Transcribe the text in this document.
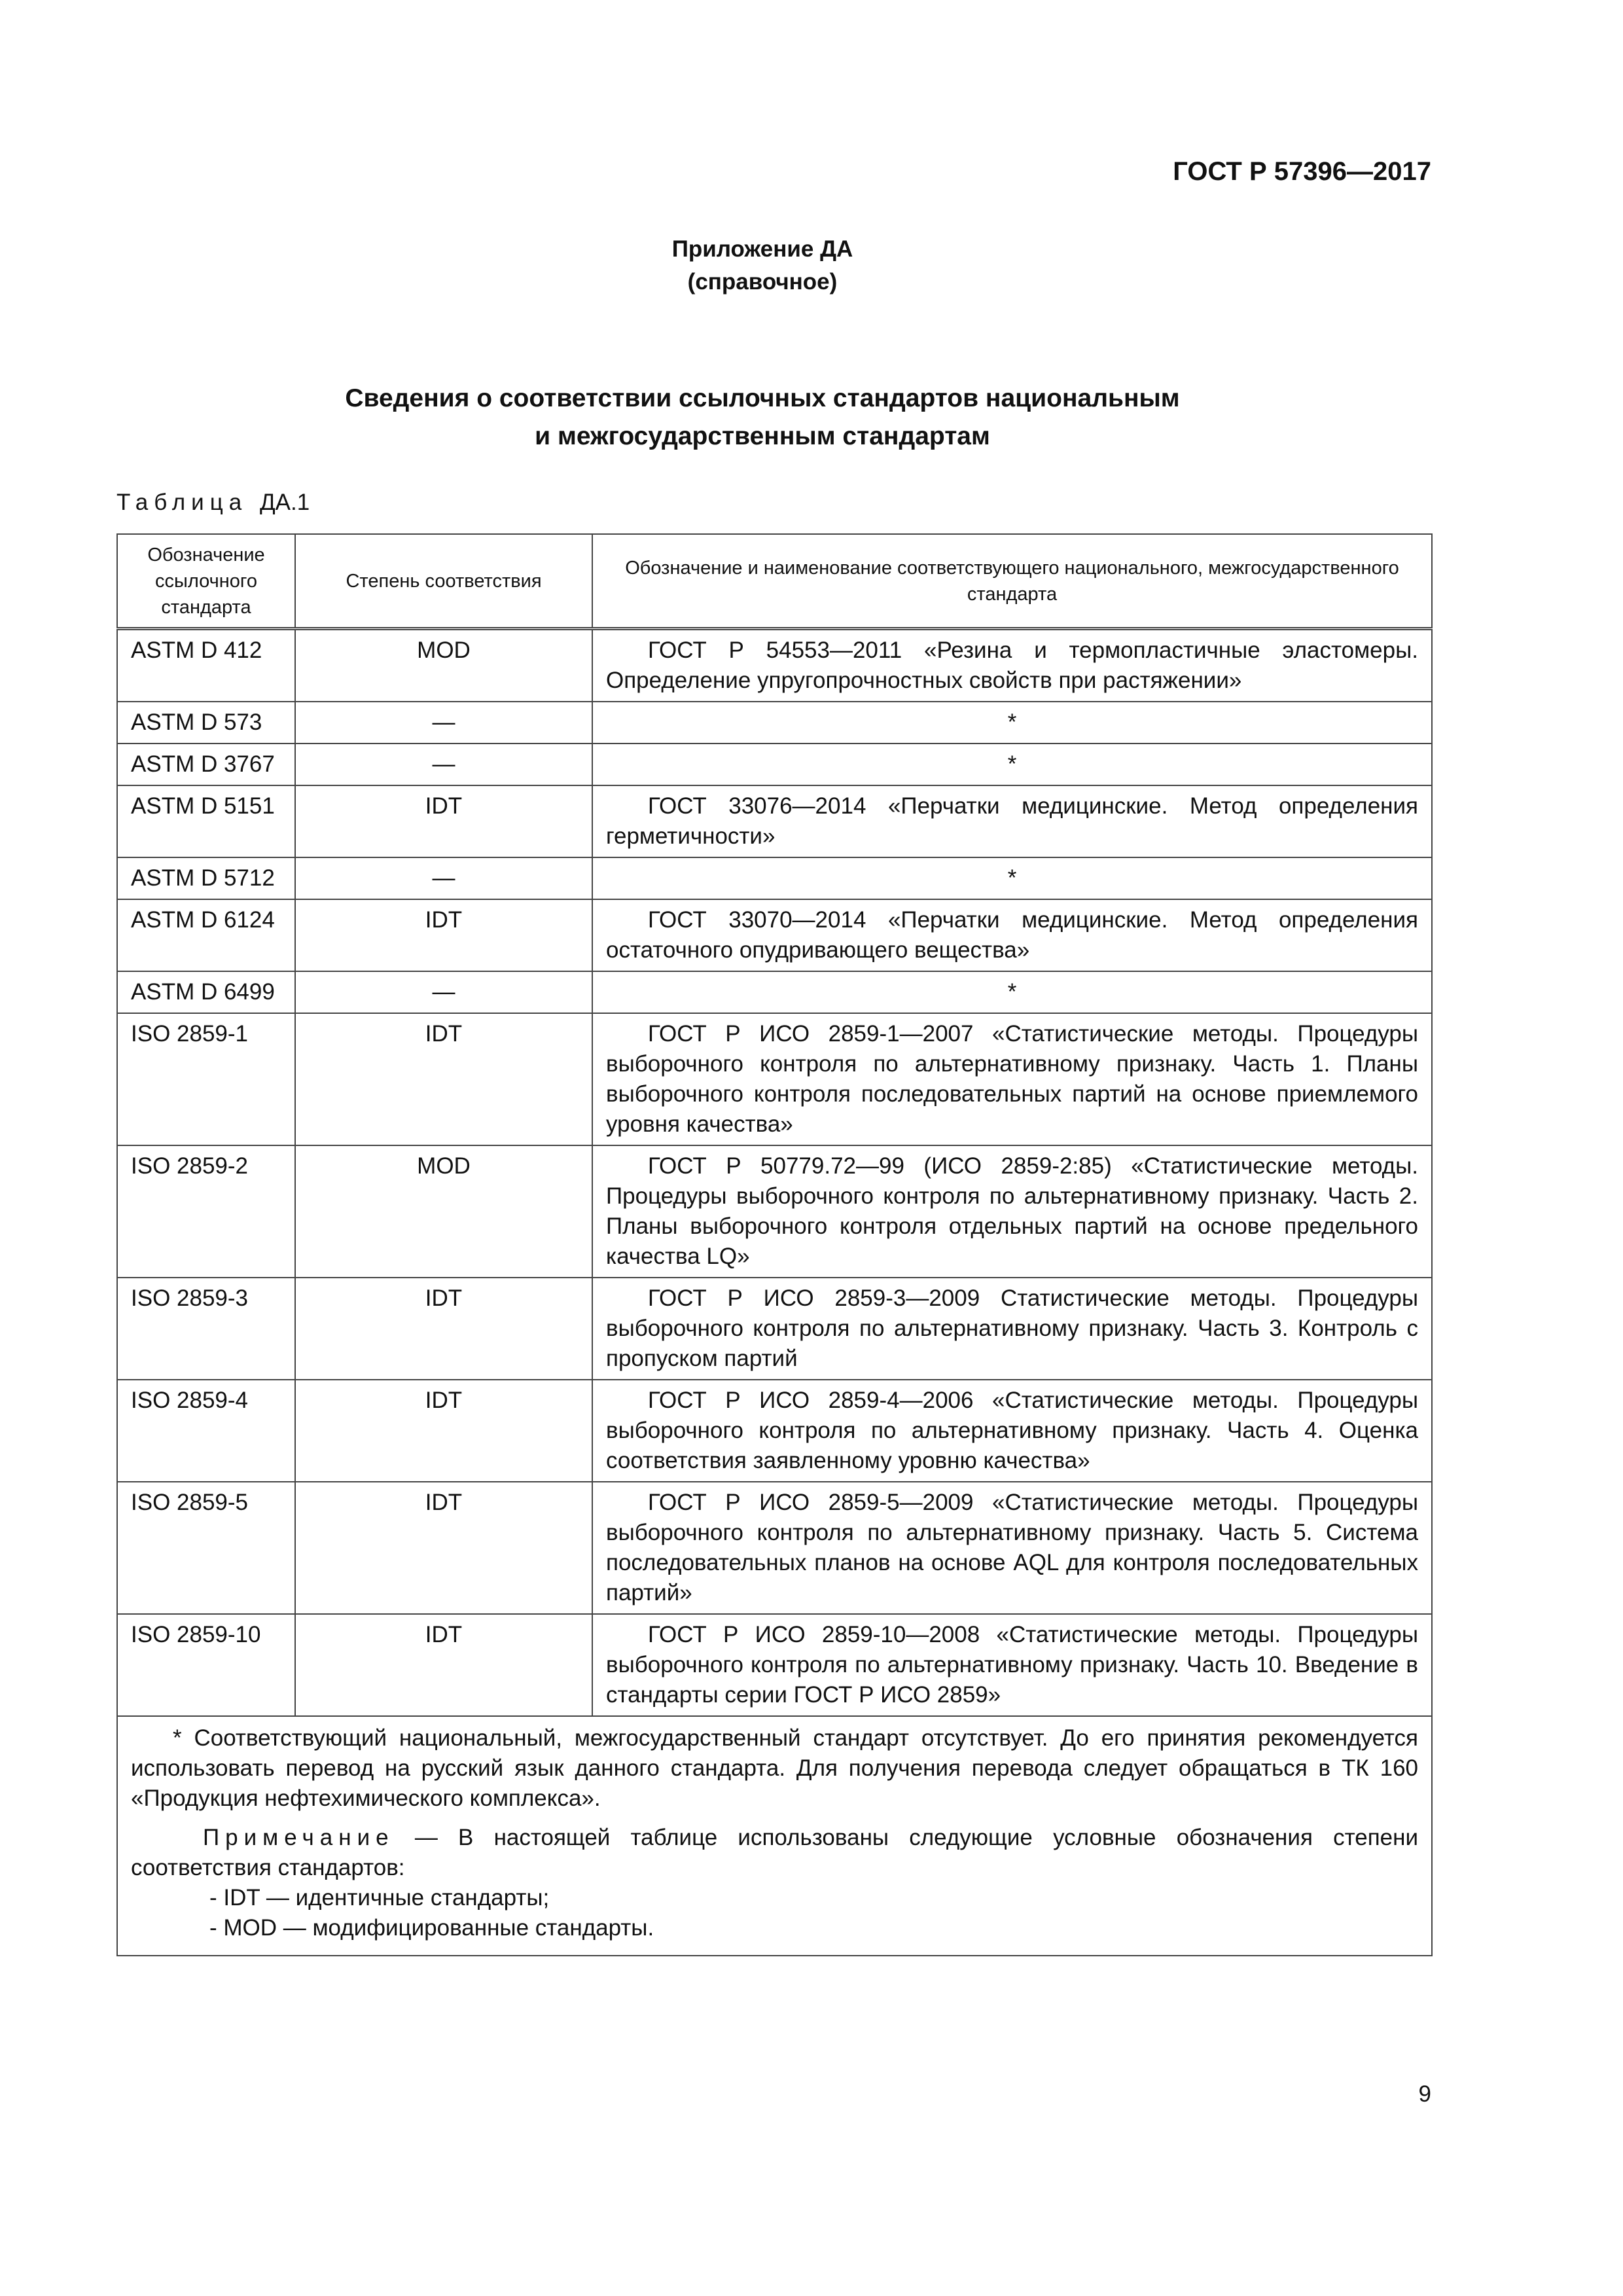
ГОСТ Р 57396—2017
Приложение ДА
(справочное)
Сведения о соответствии ссылочных стандартов национальным
и межгосударственным стандартам
Таблица ДА.1
Обозначение ссылочного стандарта	Степень соответствия	Обозначение и наименование соответствующего национального, межгосударственного стандарта
ASTM D 412	MOD	ГОСТ Р 54553—2011 «Резина и термопластичные эластомеры. Определение упругопрочностных свойств при растяжении»

ASTM D 573	—	*

ASTM D 3767	—	*

ASTM D 5151	IDT	ГОСТ 33076—2014 «Перчатки медицинские. Метод определения герметичности»

ASTM D 5712	—	*

ASTM D 6124	IDT	ГОСТ 33070—2014 «Перчатки медицинские. Метод определения остаточного опудривающего вещества»

ASTM D 6499	—	*

ISO 2859-1	IDT	ГОСТ Р ИСО 2859-1—2007 «Статистические методы. Процедуры выборочного контроля по альтернативному признаку. Часть 1. Планы выборочного контроля последовательных партий на основе приемлемого уровня качества»

ISO 2859-2	MOD	ГОСТ Р 50779.72—99 (ИСО 2859-2:85) «Статистические методы. Процедуры выборочного контроля по альтернативному признаку. Часть 2. Планы выборочного контроля отдельных партий на основе предельного качества LQ»

ISO 2859-3	IDT	ГОСТ Р ИСО 2859-3—2009 Статистические методы. Процедуры выборочного контроля по альтернативному признаку. Часть 3. Контроль с пропуском партий

ISO 2859-4	IDT	ГОСТ Р ИСО 2859-4—2006 «Статистические методы. Процедуры выборочного контроля по альтернативному признаку. Часть 4. Оценка соответствия заявленному уровню качества»

ISO 2859-5	IDT	ГОСТ Р ИСО 2859-5—2009 «Статистические методы. Процедуры выборочного контроля по альтернативному признаку. Часть 5. Система последовательных планов на основе AQL для контроля последовательных партий»

ISO 2859-10	IDT	ГОСТ Р ИСО 2859-10—2008 «Статистические методы. Процедуры выборочного контроля по альтернативному признаку. Часть 10. Введение в стандарты серии ГОСТ Р ИСО 2859»

* Соответствующий национальный, межгосударственный стандарт отсутствует. До его принятия рекомендуется использовать перевод на русский язык данного стандарта. Для получения перевода следует обращаться в ТК 160 «Продукция нефтехимического комплекса».

Примечание — В настоящей таблице использованы следующие условные обозначения степени соответствия стандартов:

- IDT — идентичные стандарты;
- MOD — модифицированные стандарты.		
9
